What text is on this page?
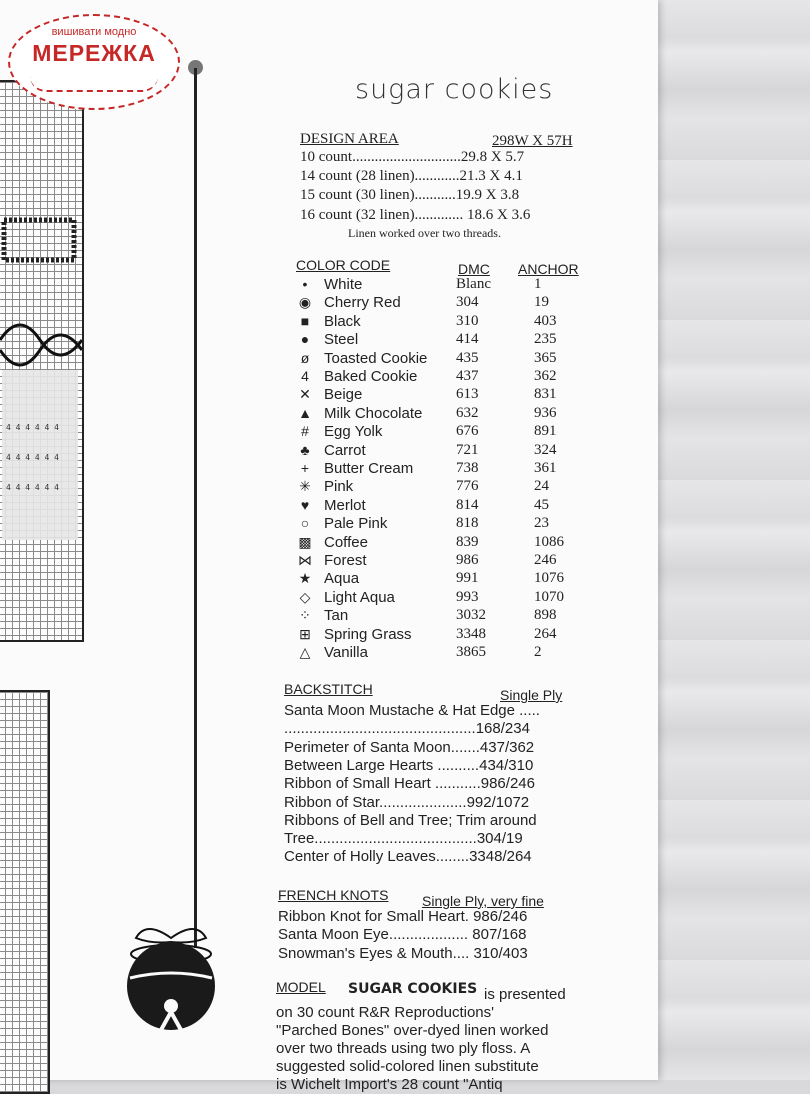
4 4 4 4 4 4
4 4 4 4 4 4
4 4 4 4 4 4
вишивати модно
МЕРЕЖКА
sugar cookies
DESIGN AREA	298W X 57H
10 count.............................29.8 X 5.7
14 count (28 linen)............21.3 X 4.1
15 count (30 linen)...........19.9 X 3.8
16 count (32 linen)............. 18.6 X 3.6
Linen worked over two threads.
COLOR CODE	DMC ANCHOR
•	White	Blanc	1
◉ Cherry Red	304	19
■ Black	310	403
● Steel	414	235
ø Toasted Cookie 435	365
4	Baked Cookie	437	362
✕ Beige	613	831
▲ Milk Chocolate 632	936
#	Egg Yolk	676	891
♣ Carrot	721	324
+ Butter Cream	738	361
✳ Pink	776	24
♥ Merlot	814	45
○ Pale Pink	818	23
▩ Coffee	839	1086
⋈ Forest	986	246
★ Aqua	991	1076
◇ Light Aqua	993	1070
⁘ Tan	3032	898
⊞ Spring Grass	3348	264
△ Vanilla	3865	2
BACKSTITCH	Single Ply
Santa Moon Mustache & Hat Edge .....
..............................................168/234
Perimeter of Santa Moon.......437/362
Between Large Hearts ..........434/310
Ribbon of Small Heart ...........986/246
Ribbon of Star.....................992/1072
Ribbons of Bell and Tree; Trim around
Tree.......................................304/19
Center of Holly Leaves........3348/264
FRENCH KNOTS Single Ply, very fine
Ribbon Knot for Small Heart. 986/246
Santa Moon Eye................... 807/168
Snowman's Eyes & Mouth.... 310/403
MODEL SUGAR COOKIES is presented
on 30 count R&R Reproductions'
"Parched Bones" over-dyed linen worked
over two threads using two ply floss. A
suggested solid-colored linen substitute
is Wichelt Import's 28 count "Antiq
